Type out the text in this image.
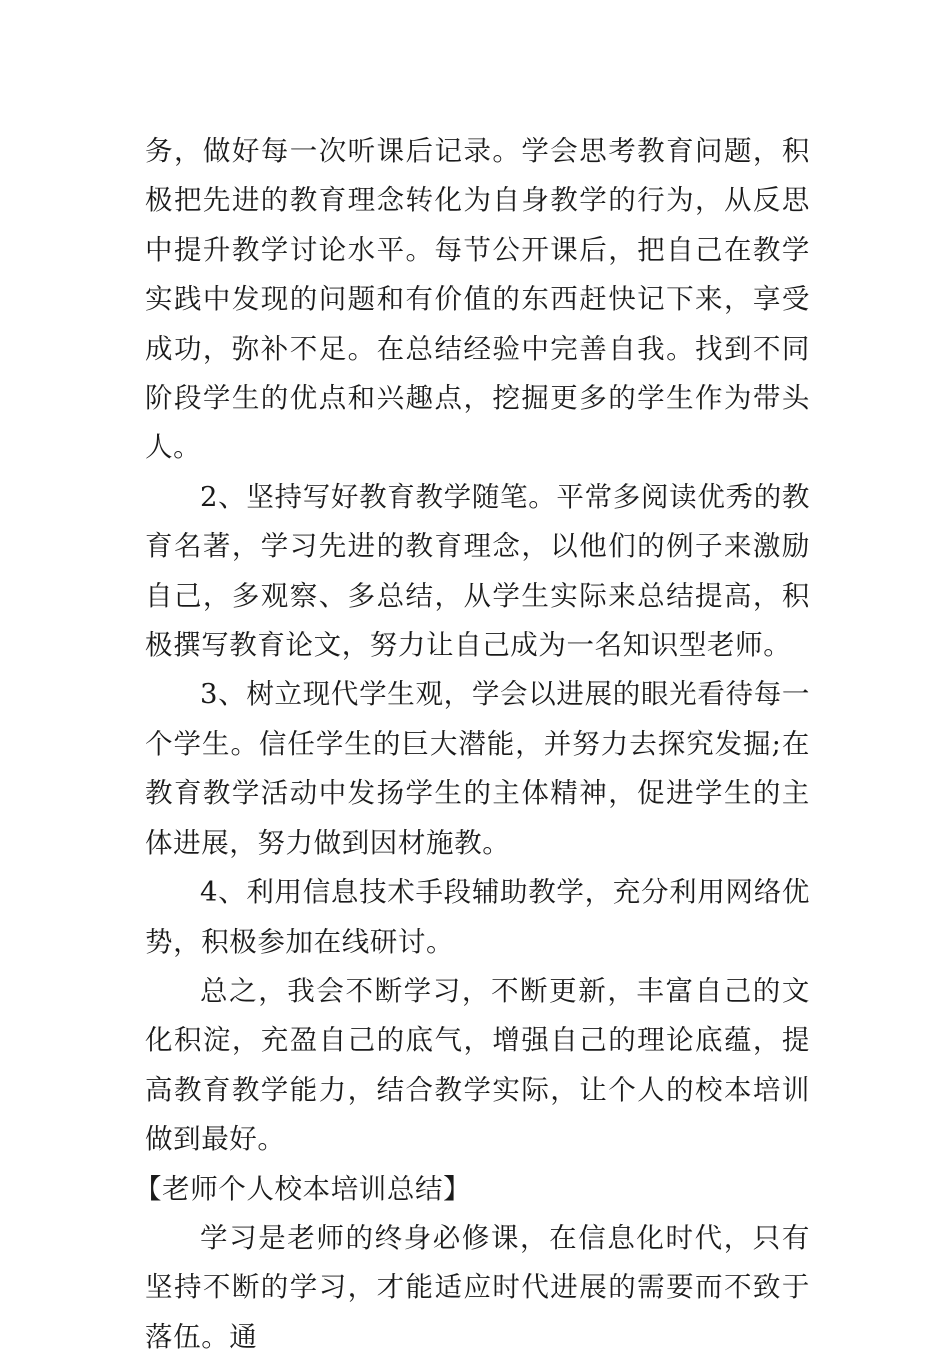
务，做好每一次听课后记录。学会思考教育问题，积极把先进的教育理念转化为自身教学的行为，从反思中提升教学讨论水平。每节公开课后，把自己在教学实践中发现的问题和有价值的东西赶快记下来，享受成功，弥补不足。在总结经验中完善自我。找到不同阶段学生的优点和兴趣点，挖掘更多的学生作为带头人。

2、坚持写好教育教学随笔。平常多阅读优秀的教育名著，学习先进的教育理念，以他们的例子来激励自己，多观察、多总结，从学生实际来总结提高，积极撰写教育论文，努力让自己成为一名知识型老师。

3、树立现代学生观，学会以进展的眼光看待每一个学生。信任学生的巨大潜能，并努力去探究发掘;在教育教学活动中发扬学生的主体精神，促进学生的主体进展，努力做到因材施教。

4、利用信息技术手段辅助教学，充分利用网络优势，积极参加在线研讨。

总之，我会不断学习，不断更新，丰富自己的文化积淀，充盈自己的底气，增强自己的理论底蕴，提高教育教学能力，结合教学实际，让个人的校本培训做到最好。

【老师个人校本培训总结】

学习是老师的终身必修课，在信息化时代，只有坚持不断的学习，才能适应时代进展的需要而不致于落伍。通
